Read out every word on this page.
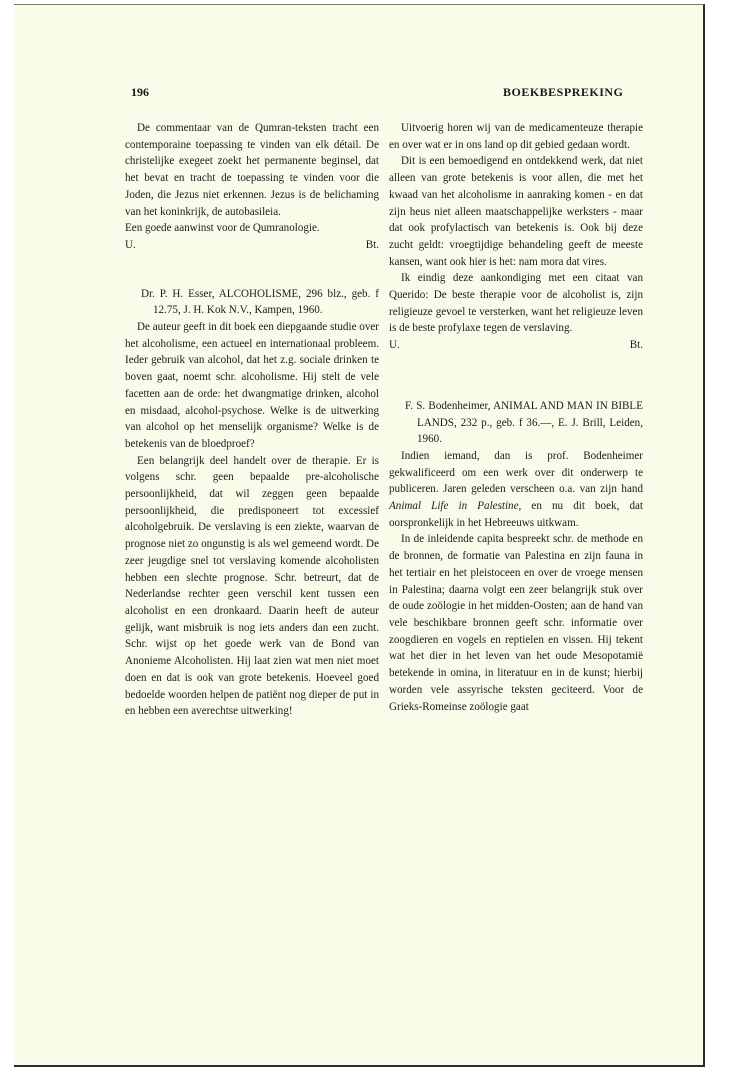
196	BOEKBESPREKING

De commentaar van de Qumran-teksten tracht een contemporaine toepassing te vinden van elk détail. De christelijke exegeet zoekt het permanente beginsel, dat het bevat en tracht de toepassing te vinden voor die Joden, die Jezus niet erkennen. Jezus is de belichaming van het koninkrijk, de autobasileia.

Een goede aanwinst voor de Qumranologie.

U.	Bt.

Dr. P. H. Esser, ALCOHOLISME, 296 blz., geb. f 12.75, J. H. Kok N.V., Kampen, 1960.

De auteur geeft in dit boek een diepgaande studie over het alcoholisme, een actueel en internationaal probleem. Ieder gebruik van alcohol, dat het z.g. sociale drinken te boven gaat, noemt schr. alcoholisme. Hij stelt de vele facetten aan de orde: het dwangmatige drinken, alcohol en misdaad, alcohol-psychose. Welke is de uitwerking van alcohol op het menselijk organisme? Welke is de betekenis van de bloedproef?

Een belangrijk deel handelt over de therapie. Er is volgens schr. geen bepaalde pre-alcoholische persoonlijkheid, dat wil zeggen geen bepaalde persoonlijkheid, die predisponeert tot excessief alcoholgebruik. De verslaving is een ziekte, waarvan de prognose niet zo ongunstig is als wel gemeend wordt. De zeer jeugdige snel tot verslaving komende alcoholisten hebben een slechte prognose. Schr. betreurt, dat de Nederlandse rechter geen verschil kent tussen een alcoholist en een dronkaard. Daarin heeft de auteur gelijk, want misbruik is nog iets anders dan een zucht. Schr. wijst op het goede werk van de Bond van Anonieme Alcoholisten. Hij laat zien wat men niet moet doen en dat is ook van grote betekenis. Hoeveel goed bedoelde woorden helpen de patiënt nog dieper de put in en hebben een averechtse uitwerking!

Uitvoerig horen wij van de medicamenteuze therapie en over wat er in ons land op dit gebied gedaan wordt.

Dit is een bemoedigend en ontdekkend werk, dat niet alleen van grote betekenis is voor allen, die met het kwaad van het alcoholisme in aanraking komen - en dat zijn heus niet alleen maatschappelijke werksters - maar dat ook profylactisch van betekenis is. Ook bij deze zucht geldt: vroegtijdige behandeling geeft de meeste kansen, want ook hier is het: nam mora dat vires.

Ik eindig deze aankondiging met een citaat van Querido: De beste therapie voor de alcoholist is, zijn religieuze gevoel te versterken, want het religieuze leven is de beste profylaxe tegen de verslaving.

U.	Bt.

F. S. Bodenheimer, ANIMAL AND MAN IN BIBLE LANDS, 232 p., geb. f 36.—, E. J. Brill, Leiden, 1960.

Indien iemand, dan is prof. Bodenheimer gekwalificeerd om een werk over dit onderwerp te publiceren. Jaren geleden verscheen o.a. van zijn hand Animal Life in Palestine, en nu dit boek, dat oorspronkelijk in het Hebreeuws uitkwam.

In de inleidende capita bespreekt schr. de methode en de bronnen, de formatie van Palestina en zijn fauna in het tertiair en het pleistoceen en over de vroege mensen in Palestina; daarna volgt een zeer belangrijk stuk over de oude zoölogie in het midden-Oosten; aan de hand van vele beschikbare bronnen geeft schr. informatie over zoogdieren en vogels en reptielen en vissen. Hij tekent wat het dier in het leven van het oude Mesopotamië betekende in omina, in literatuur en in de kunst; hierbij worden vele assyrische teksten geciteerd. Voor de Grieks-Romeinse zoölogie gaat
